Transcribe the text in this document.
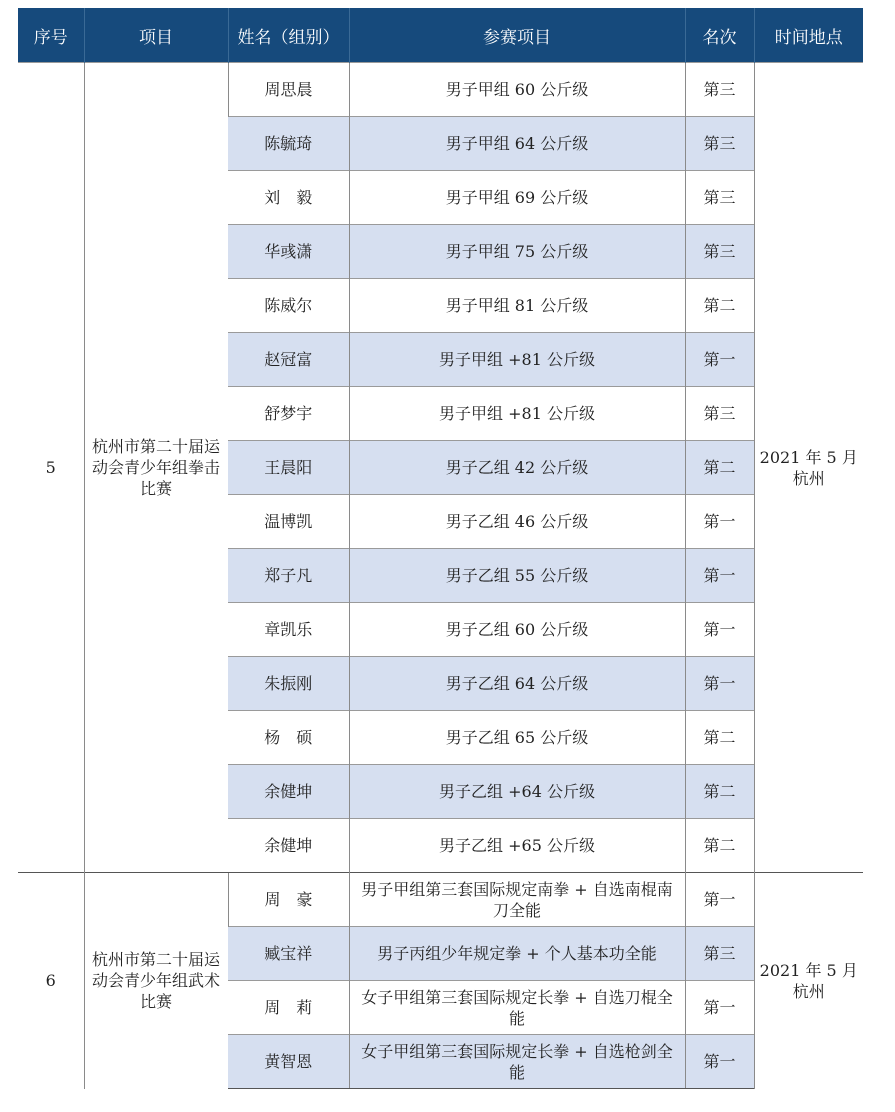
序号	项目	姓名（组别）	参赛项目	名次	时间地点
5	杭州市第二十届运动会青少年组拳击比赛	周思晨	男子甲组 60 公斤级	第三	2021 年 5 月
杭州

		陈毓琦	男子甲组 64 公斤级	第三	
		刘　毅	男子甲组 69 公斤级	第三	
		华彧潇	男子甲组 75 公斤级	第三	
		陈威尔	男子甲组 81 公斤级	第二	
		赵冠富	男子甲组 +81 公斤级	第一	
		舒梦宇	男子甲组 +81 公斤级	第三	
		王晨阳	男子乙组 42 公斤级	第二	
		温博凯	男子乙组 46 公斤级	第一	
		郑子凡	男子乙组 55 公斤级	第一	
		章凯乐	男子乙组 60 公斤级	第一	
		朱振刚	男子乙组 64 公斤级	第一	
		杨　硕	男子乙组 65 公斤级	第二	
		余健坤	男子乙组 +64 公斤级	第二	
		余健坤	男子乙组 +65 公斤级	第二	
6	杭州市第二十届运动会青少年组武术比赛	周　豪	男子甲组第三套国际规定南拳 + 自选南棍南刀全能	第一	2021 年 5 月
杭州

		臧宝祥	男子丙组少年规定拳 + 个人基本功全能	第三	
		周　莉	女子甲组第三套国际规定长拳 + 自选刀棍全能	第一	
		黄智恩	女子甲组第三套国际规定长拳 + 自选枪剑全能	第一	
